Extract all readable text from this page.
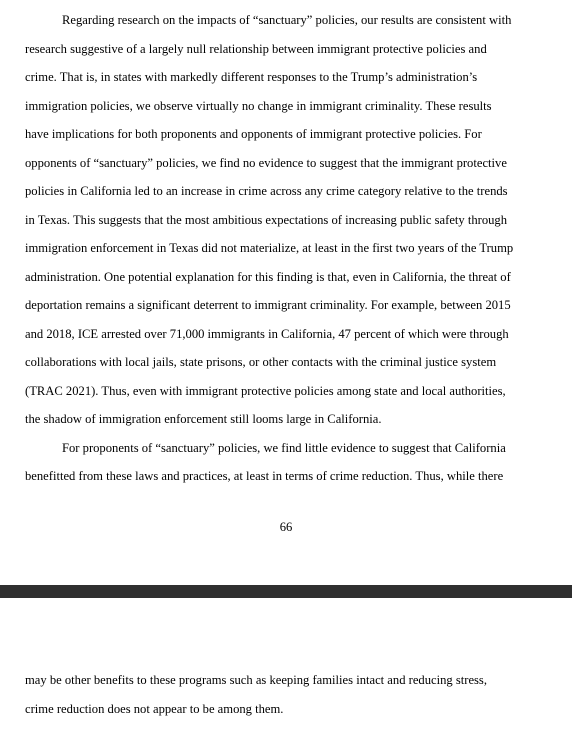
Regarding research on the impacts of “sanctuary” policies, our results are consistent with
research suggestive of a largely null relationship between immigrant protective policies and
crime. That is, in states with markedly different responses to the Trump’s administration’s
immigration policies, we observe virtually no change in immigrant criminality. These results
have implications for both proponents and opponents of immigrant protective policies. For
opponents of “sanctuary” policies, we find no evidence to suggest that the immigrant protective
policies in California led to an increase in crime across any crime category relative to the trends
in Texas. This suggests that the most ambitious expectations of increasing public safety through
immigration enforcement in Texas did not materialize, at least in the first two years of the Trump
administration. One potential explanation for this finding is that, even in California, the threat of
deportation remains a significant deterrent to immigrant criminality. For example, between 2015
and 2018, ICE arrested over 71,000 immigrants in California, 47 percent of which were through
collaborations with local jails, state prisons, or other contacts with the criminal justice system
(TRAC 2021). Thus, even with immigrant protective policies among state and local authorities,
the shadow of immigration enforcement still looms large in California.
For proponents of “sanctuary” policies, we find little evidence to suggest that California
benefitted from these laws and practices, at least in terms of crime reduction. Thus, while there
66
may be other benefits to these programs such as keeping families intact and reducing stress,
crime reduction does not appear to be among them.
